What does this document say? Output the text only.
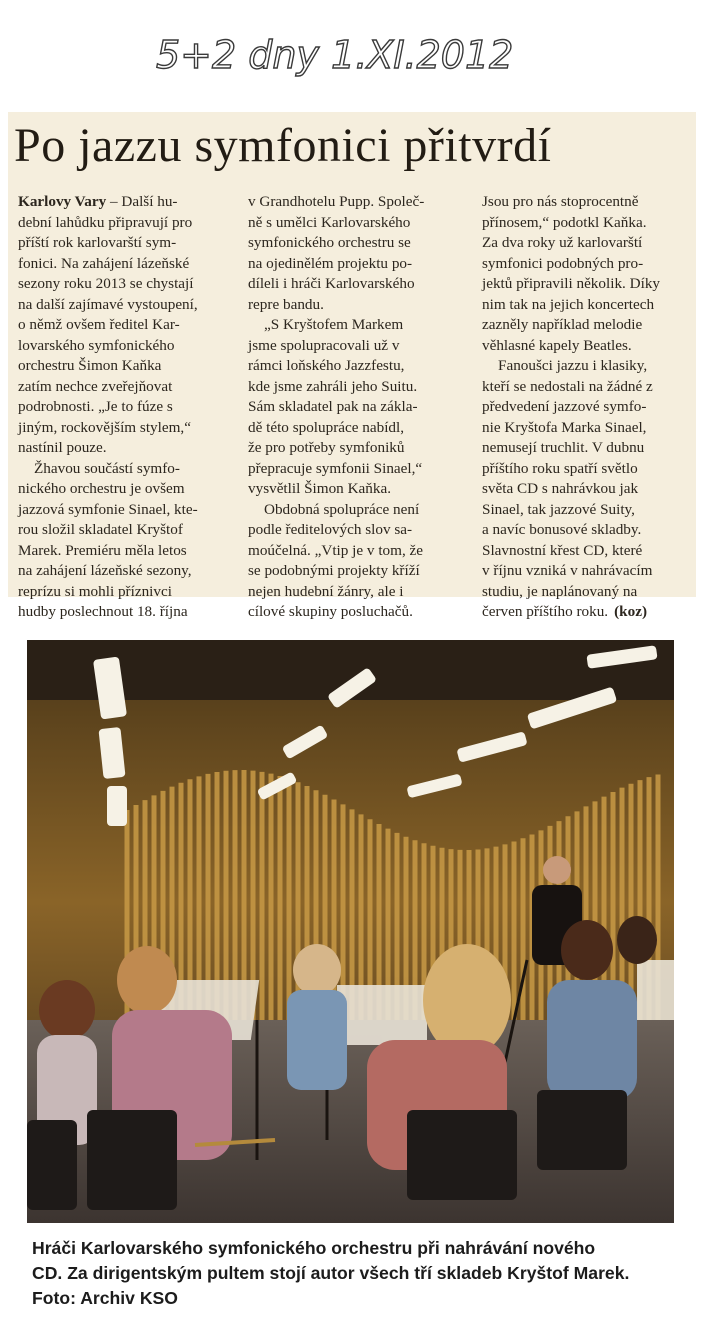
5+2 dny 1.XI.2012
Po jazzu symfonici přitvrdí

Karlovy Vary – Další hu-
dební lahůdku připravují pro
příští rok karlovarští sym-
fonici. Na zahájení lázeňské
sezony roku 2013 se chystají
na další zajímavé vystoupení,
o němž ovšem ředitel Kar-
lovarského symfonického
orchestru Šimon Kaňka
zatím nechce zveřejňovat
podrobnosti. „Je to fúze s
jiným, rockovějším stylem,“
nastínil pouze.

Žhavou součástí symfo-
nického orchestru je ovšem
jazzová symfonie Sinael, kte-
rou složil skladatel Kryštof
Marek. Premiéru měla letos
na zahájení lázeňské sezony,
reprízu si mohli příznivci
hudby poslechnout 18. října

v Grandhotelu Pupp. Společ-
ně s umělci Karlovarského
symfonického orchestru se
na ojedinělém projektu po-
díleli i hráči Karlovarského
repre bandu.

„S Kryštofem Markem
jsme spolupracovali už v
rámci loňského Jazzfestu,
kde jsme zahráli jeho Suitu.
Sám skladatel pak na zákla-
dě této spolupráce nabídl,
že pro potřeby symfoniků
přepracuje symfonii Sinael,“
vysvětlil Šimon Kaňka.

Obdobná spolupráce není
podle ředitelových slov sa-
moúčelná. „Vtip je v tom, že
se podobnými projekty kříží
nejen hudební žánry, ale i
cílové skupiny posluchačů.

Jsou pro nás stoprocentně
přínosem,“ podotkl Kaňka.
Za dva roky už karlovarští
symfonici podobných pro-
jektů připravili několik. Díky
nim tak na jejich koncertech
zazněly například melodie
věhlasné kapely Beatles.

Fanoušci jazzu i klasiky,
kteří se nedostali na žádné z
předvedení jazzové symfo-
nie Kryštofa Marka Sinael,
nemusejí truchlit. V dubnu
příštího roku spatří světlo
světa CD s nahrávkou jak
Sinael, tak jazzové Suity,
a navíc bonusové skladby.
Slavnostní křest CD, které
v říjnu vzniká v nahrávacím
studiu, je naplánovaný na
červen příštího roku. (koz)

Hráči Karlovarského symfonického orchestru při nahrávání nového
CD. Za dirigentským pultem stojí autor všech tří skladeb Kryštof Marek.
Foto: Archiv KSO
